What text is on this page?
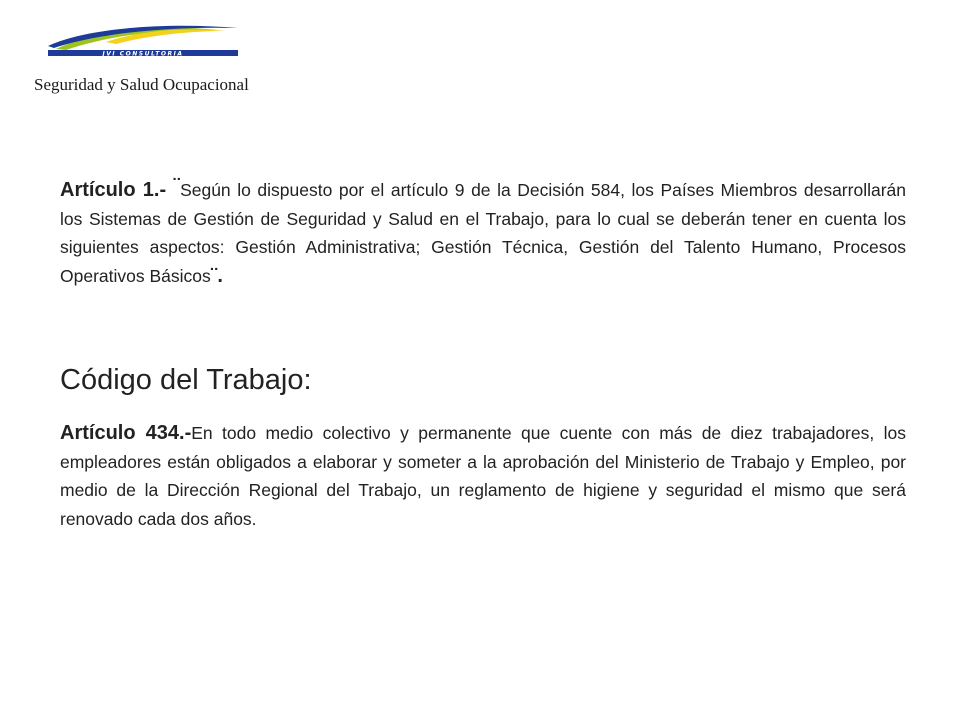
JVI CONSULTORIA
Seguridad y Salud Ocupacional

Artículo 1.- ¨Según lo dispuesto por el artículo 9 de la Decisión 584, los Países Miembros desarrollarán los Sistemas de Gestión de Seguridad y Salud en el Trabajo, para lo cual se deberán tener en cuenta los siguientes aspectos: Gestión Administrativa; Gestión Técnica, Gestión del Talento Humano, Procesos Operativos Básicos¨.

Código del Trabajo:

Artículo 434.-En todo medio colectivo y permanente que cuente con más de diez trabajadores, los empleadores están obligados a elaborar y someter a la aprobación del Ministerio de Trabajo y Empleo, por medio de la Dirección Regional del Trabajo, un reglamento de higiene y seguridad el mismo que será renovado cada dos años.
